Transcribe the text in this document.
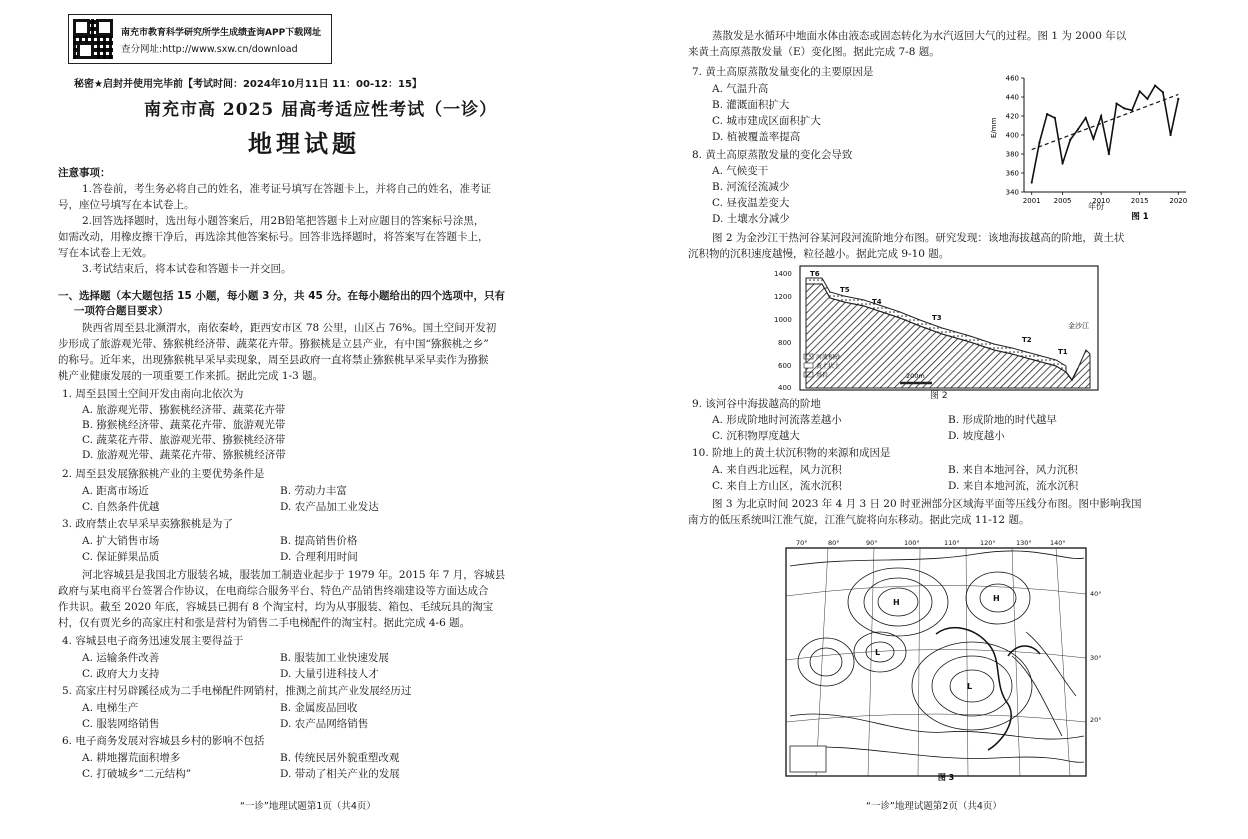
南充市教育科学研究所学生成绩查询APP下载网址
查分网址:http://www.sxw.cn/download
秘密★启封并使用完毕前【考试时间：2024年10月11日 11：00-12：15】
南充市高 2025 届高考适应性考试（一诊）
地理试题
注意事项：
1.答卷前，考生务必将自己的姓名，准考证号填写在答题卡上，并将自己的姓名，准考证
号，座位号填写在本试卷上。
2.回答选择题时，选出每小题答案后，用2B铅笔把答题卡上对应题目的答案标号涂黑，
如需改动，用橡皮擦干净后，再选涂其他答案标号。回答非选择题时，将答案写在答题卡上，
写在本试卷上无效。
3.考试结束后，将本试卷和答题卡一并交回。
一、选择题（本大题包括 15 小题，每小题 3 分，共 45 分。在每小题给出的四个选项中，只有
一项符合题目要求）
陕西省周至县北濒渭水，南依秦岭，距西安市区 78 公里，山区占 76%。国土空间开发初
步形成了旅游观光带、猕猴桃经济带、蔬菜花卉带。猕猴桃是立县产业，有中国“猕猴桃之乡”
的称号。近年来，出现猕猴桃早采早卖现象，周至县政府一直将禁止猕猴桃早采早卖作为猕猴
桃产业健康发展的一项重要工作来抓。据此完成 1-3 题。
1. 周至县国土空间开发由南向北依次为
A. 旅游观光带、猕猴桃经济带、蔬菜花卉带
B. 猕猴桃经济带、蔬菜花卉带、旅游观光带
C. 蔬菜花卉带、旅游观光带、猕猴桃经济带
D. 旅游观光带、蔬菜花卉带、猕猴桃经济带
2. 周至县发展猕猴桃产业的主要优势条件是
A. 距离市场近	B. 劳动力丰富
C. 自然条件优越	D. 农产品加工业发达
3. 政府禁止农早采早卖猕猴桃是为了
A. 扩大销售市场	B. 提高销售价格
C. 保证鲜果品质	D. 合理利用时间
河北容城县是我国北方服装名城，服装加工制造业起步于 1979 年。2015 年 7 月，容城县
政府与某电商平台签署合作协议，在电商综合服务平台、特色产品销售终端建设等方面达成合
作共识。截至 2020 年底，容城县已拥有 8 个淘宝村，均为从事服装、箱包、毛绒玩具的淘宝
村，仅有贾光乡的高家庄村和张是营村为销售二手电梯配件的淘宝村。据此完成 4-6 题。
4. 容城县电子商务迅速发展主要得益于
A. 运输条件改善	B. 服装加工业快速发展
C. 政府大力支持	D. 大量引进科技人才
5. 高家庄村另辟蹊径成为二手电梯配件网销村，推测之前其产业发展经历过
A. 电梯生产	B. 金属废品回收
C. 服装网络销售	D. 农产品网络销售
6. 电子商务发展对容城县乡村的影响不包括
A. 耕地撂荒面积增多	B. 传统民居外貌重塑改观
C. 打破城乡“二元结构”	D. 带动了相关产业的发展
“一诊”地理试题第1页（共4页）
蒸散发是水循环中地面水体由液态或固态转化为水汽返回大气的过程。图 1 为 2000 年以
来黄土高原蒸散发量（E）变化图。据此完成 7-8 题。
7. 黄土高原蒸散发量变化的主要原因是
A. 气温升高
B. 灌溉面积扩大
C. 城市建成区面积扩大
D. 植被覆盖率提高
8. 黄土高原蒸散发量的变化会导致
A. 气候变干
B. 河流径流减少
C. 昼夜温差变大
D. 土壤水分减少
460
440
420
400
380
360
340
2001 2005	2010	2015	2020
E/mm
年份
图 1
图 2 为金沙江干热河谷某河段河流阶地分布图。研究发现：该地海拔越高的阶地，黄土状
沉积物的沉积速度越慢，粒径越小。据此完成 9-10 题。
1400
1200
1000
800
600
400
T6
T5
T4
T3
T2
T1
金沙江
河流相砂
黄土状土
基岩	200m
图 2
9. 该河谷中海拔越高的阶地
A. 形成阶地时河流落差越小	B. 形成阶地的时代越早
C. 沉积物厚度越大	D. 坡度越小
10. 阶地上的黄土状沉积物的来源和成因是
A. 来自西北远程，风力沉积	B. 来自本地河谷，风力沉积
C. 来自上方山区，流水沉积	D. 来自本地河流，流水沉积
图 3 为北京时间 2023 年 4 月 3 日 20 时亚洲部分区域海平面等压线分布图。图中影响我国
南方的低压系统叫江淮气旋，江淮气旋将向东移动。据此完成 11-12 题。
H
L
H
L
70°	80°	90°	100°	110°	120°	130°	140°
40°
30°
20°
图 3
“一诊”地理试题第2页（共4页）
